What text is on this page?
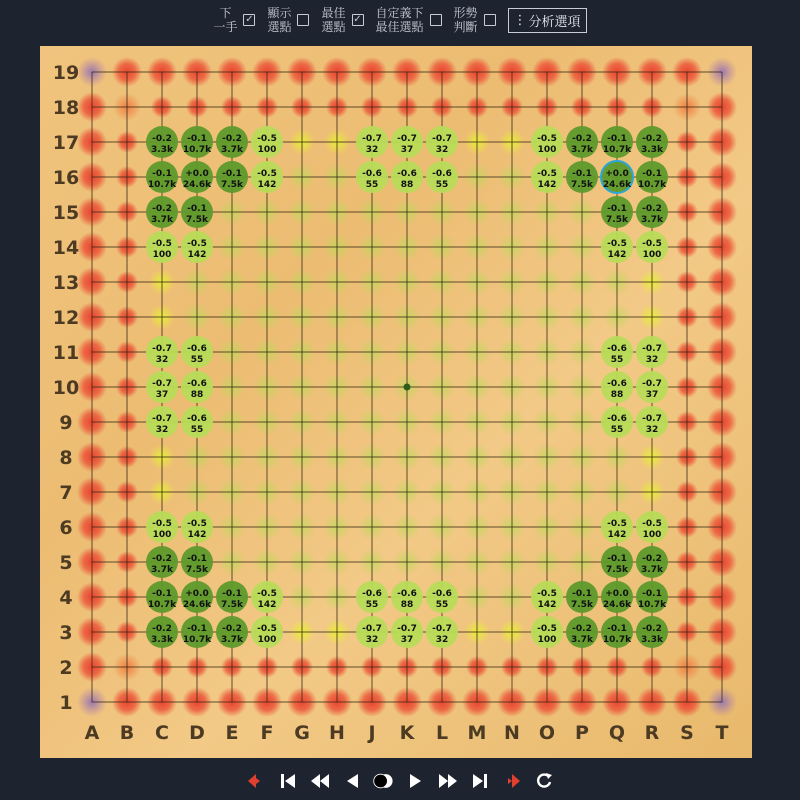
下
一手
✓ 顯示
選點
最佳
選點
✓ 自定義下
最佳選點
形勢
判斷	⋮ 分析選項
19
18
17
16
15
14
13
12
11
10
9
8
7
6
5
4
3
2
1
A B C D E F G H J K L M N O P Q R S T
-0.2
3.3k
-0.1
10.7k
-0.2
3.7k
-0.5
100
-0.7
32
-0.7
37
-0.7
32
-0.5
100
-0.2
3.7k
-0.1
10.7k
-0.2
3.3k
-0.1
10.7k
+0.0
24.6k
-0.1
7.5k
-0.5
142
-0.6
55
-0.6
88
-0.6
55
-0.5
142
-0.1
7.5k
+0.0
24.6k
-0.1
10.7k
-0.2
3.7k
-0.1
7.5k
-0.1
7.5k
-0.2
3.7k
-0.5
100
-0.5
142
-0.5
142
-0.5
100
-0.7
32
-0.6
55
-0.6
55
-0.7
32
-0.7
37
-0.6
88
-0.6
88
-0.7
37
-0.7
32
-0.6
55
-0.6
55
-0.7
32
-0.5
100
-0.5
142
-0.5
142
-0.5
100
-0.2
3.7k
-0.1
7.5k
-0.1
7.5k
-0.2
3.7k
-0.1
10.7k
+0.0
24.6k
-0.1
7.5k
-0.5
142
-0.6
55
-0.6
88
-0.6
55
-0.5
142
-0.1
7.5k
+0.0
24.6k
-0.1
10.7k
-0.2
3.3k
-0.1
10.7k
-0.2
3.7k
-0.5
100
-0.7
32
-0.7
37
-0.7
32
-0.5
100
-0.2
3.7k
-0.1
10.7k
-0.2
3.3k
